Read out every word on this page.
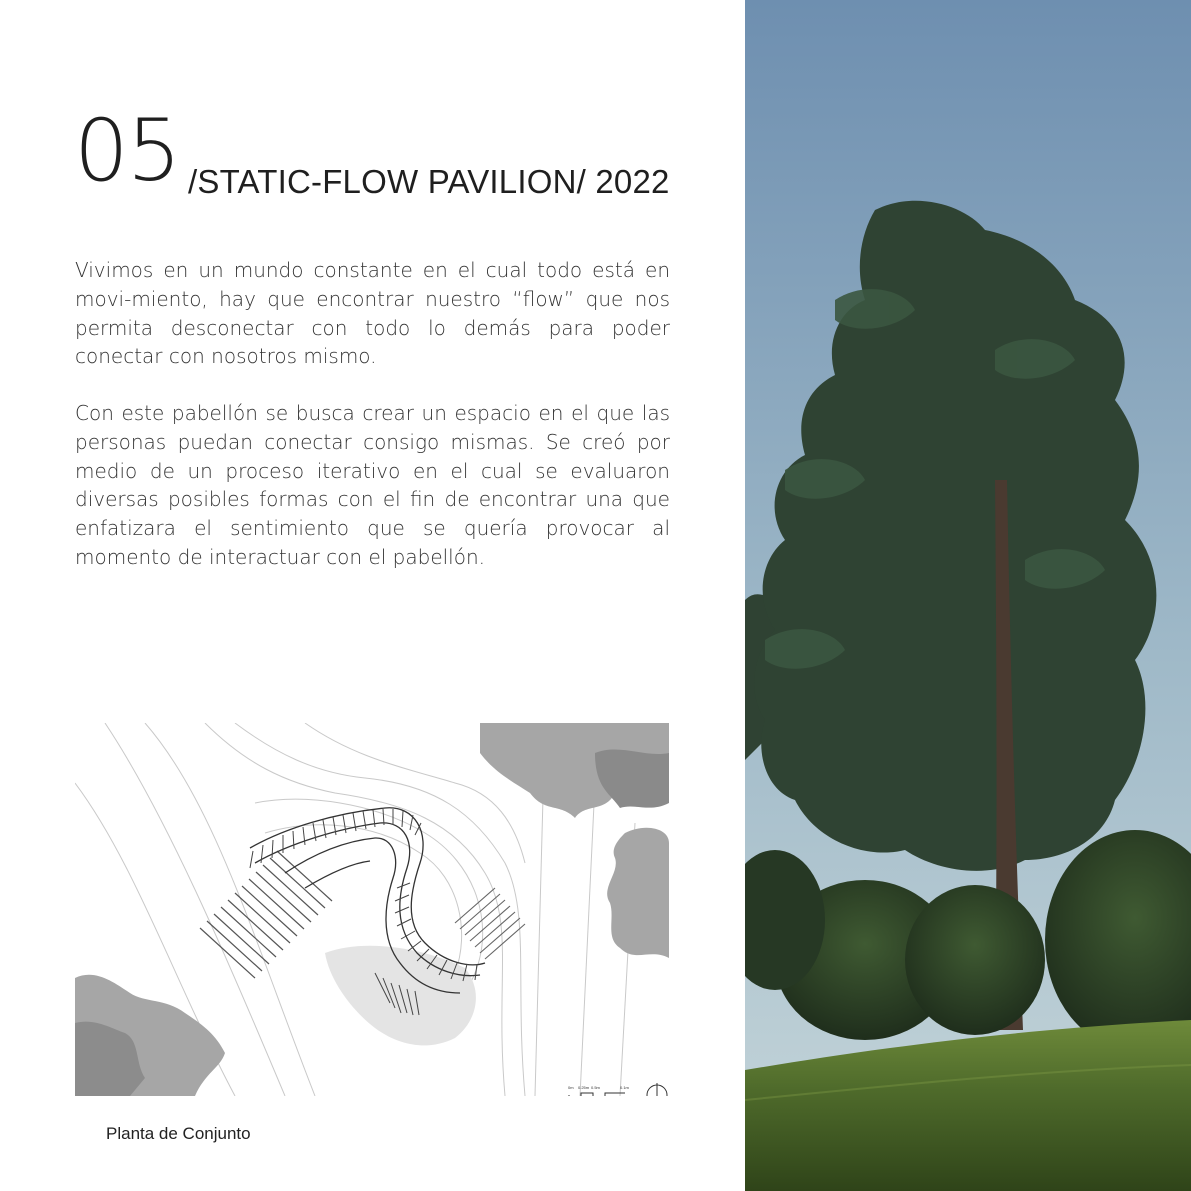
05 /STATIC-FLOW PAVILION/ 2022
Vivimos en un mundo constante en el cual todo está en movi-miento, hay que encontrar nuestro “flow” que nos permita desconectar con todo lo demás para poder conectar con nosotros mismo.
Con este pabellón se busca crear un espacio en el que las personas puedan conectar consigo mismas. Se creó por medio de un proceso iterativo en el cual se evaluaron diversas posibles formas con el fin de encontrar una que enfatizara el sentimiento que se quería provocar al momento de interactuar con el pabellón.
0m 0.25m 0.5m	0.1m
Planta de Conjunto
